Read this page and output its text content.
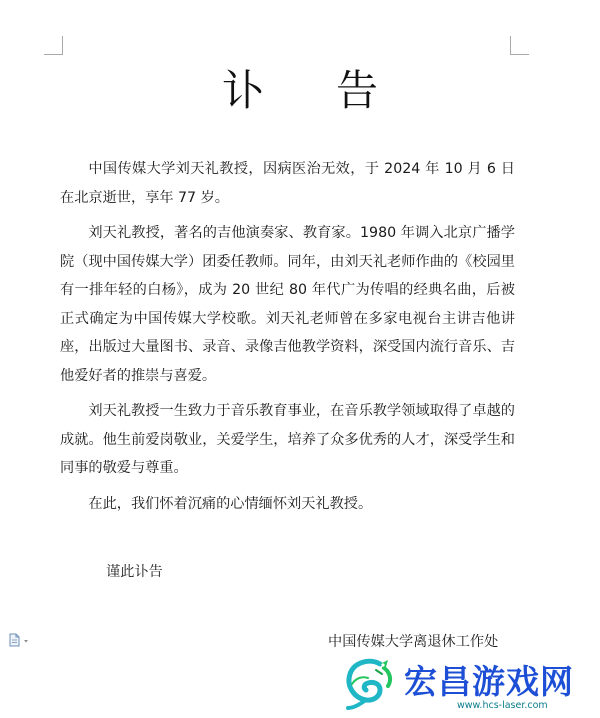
讣告

中国传媒大学刘天礼教授，因病医治无效，于 2024 年 10 月 6 日在北京逝世，享年 77 岁。

刘天礼教授，著名的吉他演奏家、教育家。1980 年调入北京广播学院（现中国传媒大学）团委任教师。同年，由刘天礼老师作曲的《校园里有一排年轻的白杨》，成为 20 世纪 80 年代广为传唱的经典名曲，后被正式确定为中国传媒大学校歌。刘天礼老师曾在多家电视台主讲吉他讲座，出版过大量图书、录音、录像吉他教学资料，深受国内流行音乐、吉他爱好者的推崇与喜爱。

刘天礼教授一生致力于音乐教育事业，在音乐教学领域取得了卓越的成就。他生前爱岗敬业，关爱学生，培养了众多优秀的人才，深受学生和同事的敬爱与尊重。

在此，我们怀着沉痛的心情缅怀刘天礼教授。

谨此讣告
中国传媒大学离退休工作处
宏昌游戏网
www.hcs-laser.com
